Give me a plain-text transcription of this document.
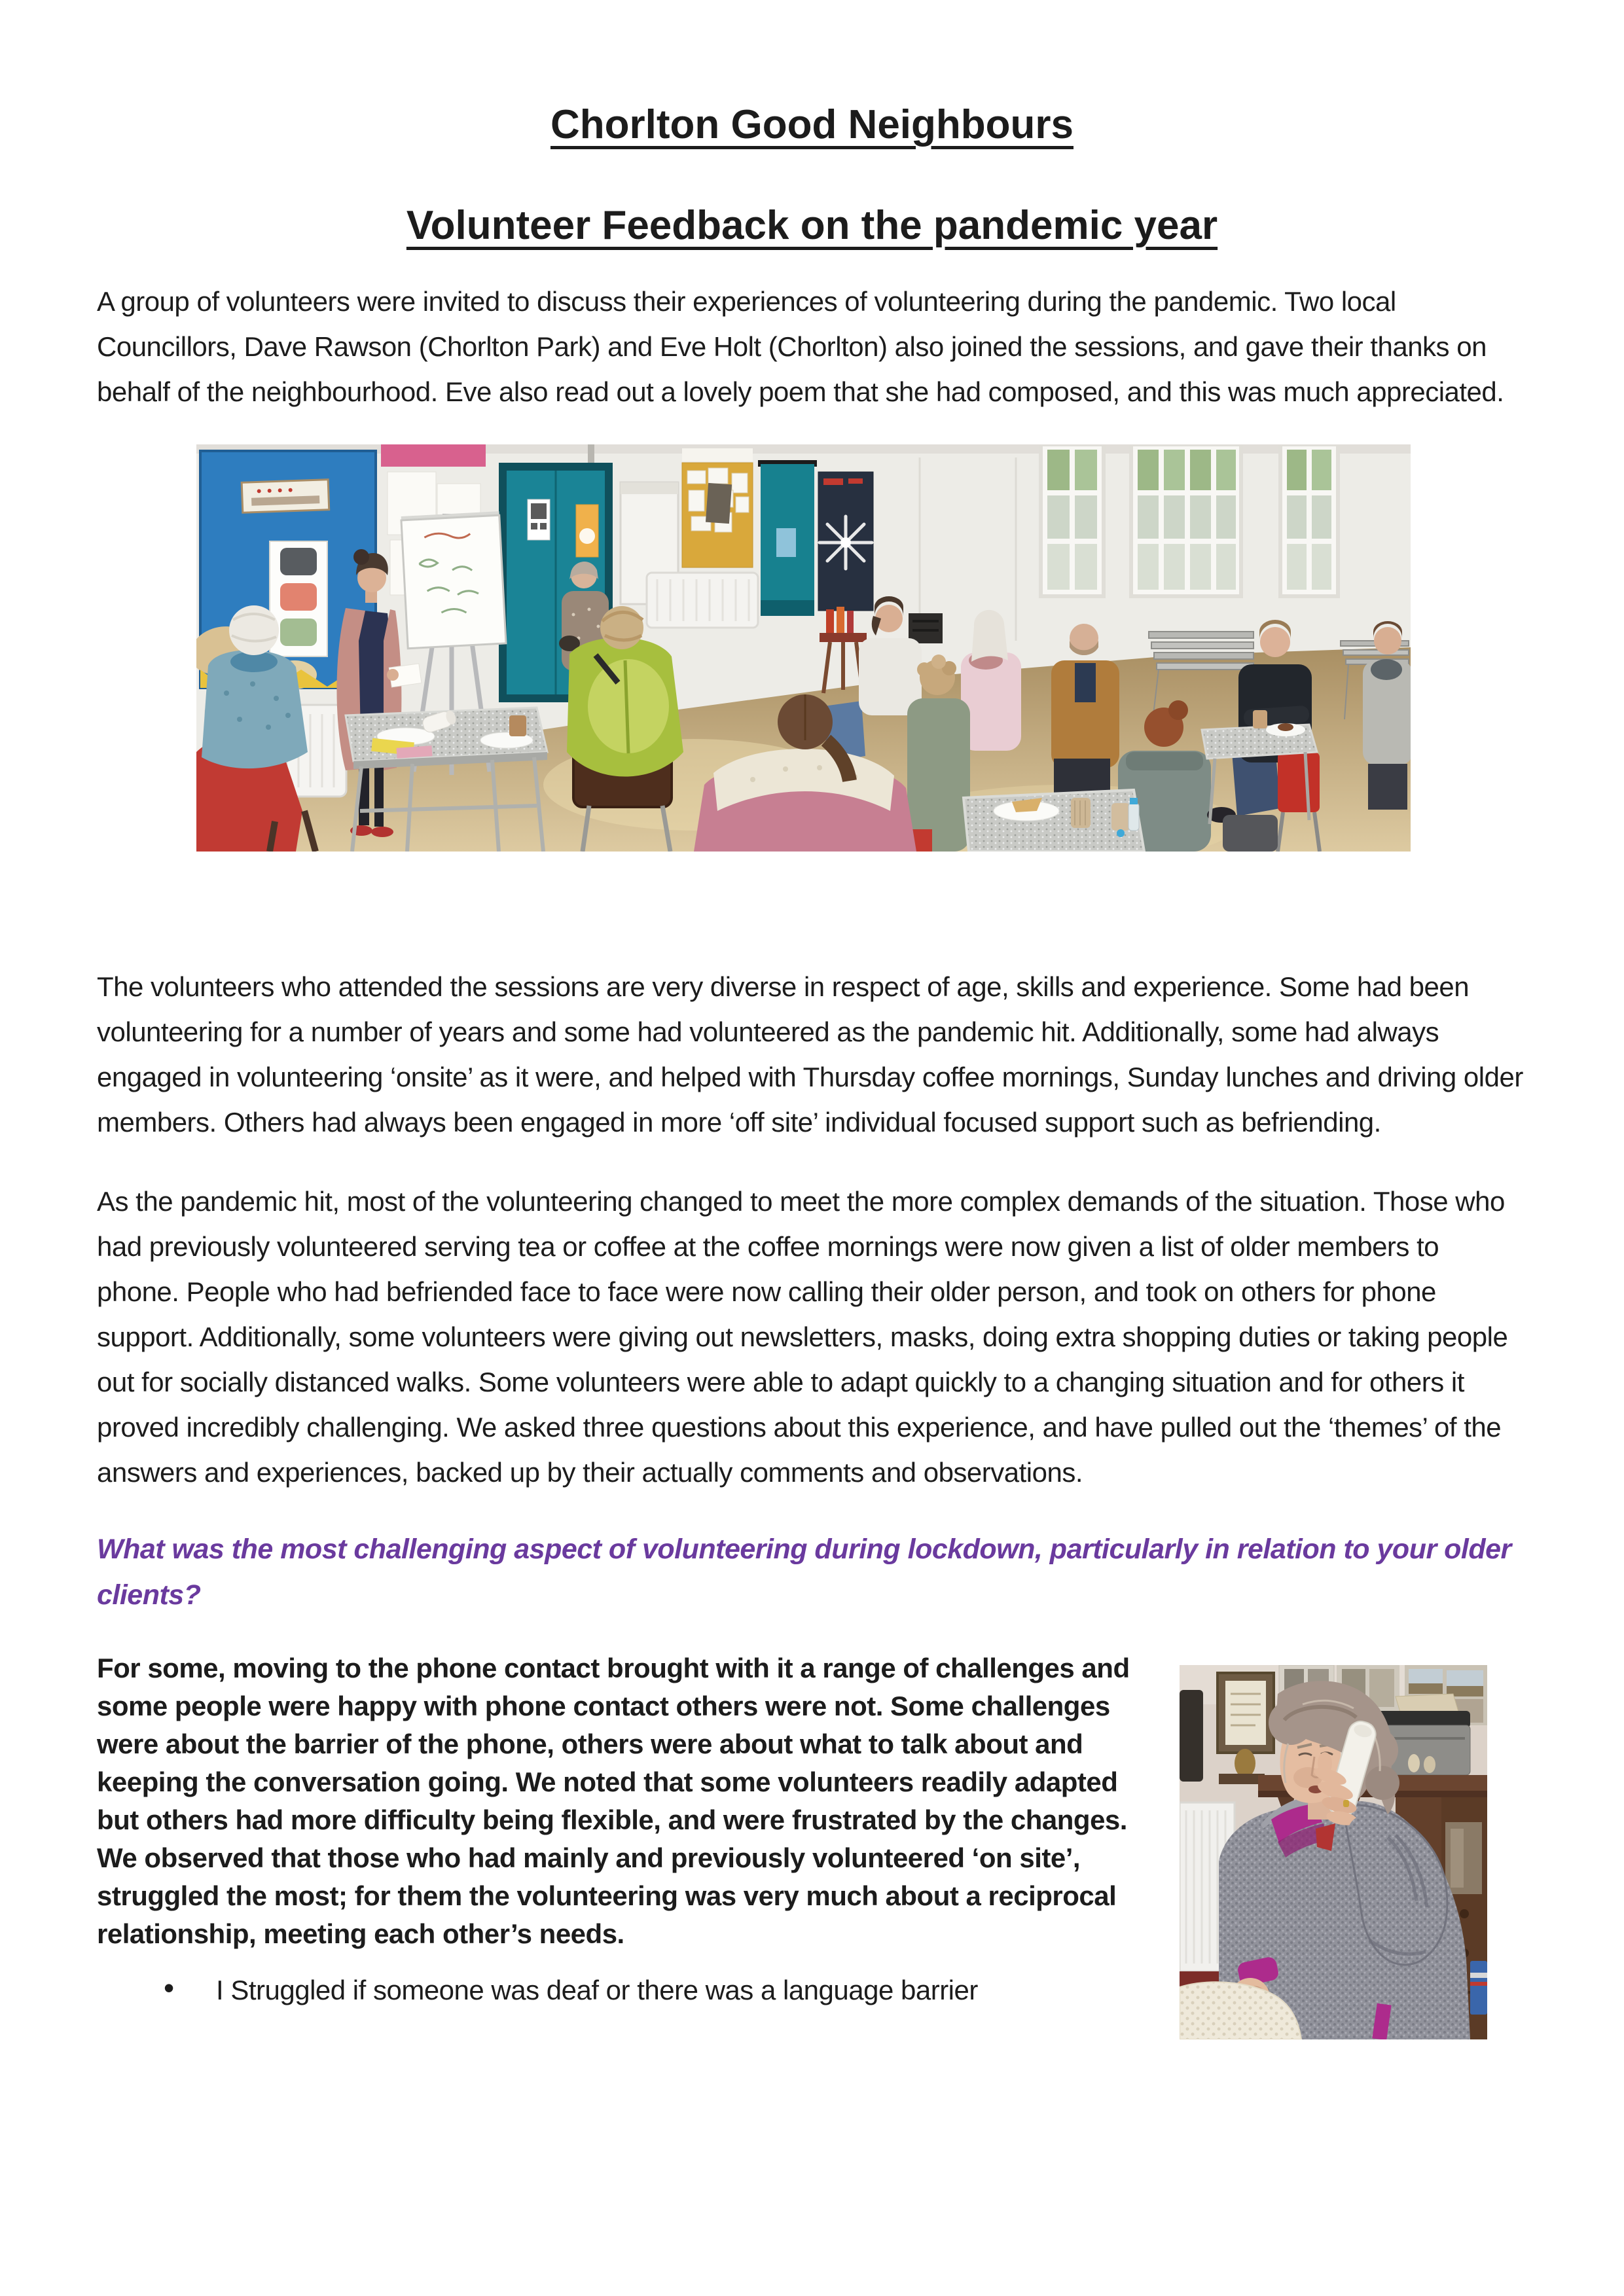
Chorlton Good Neighbours
Volunteer Feedback on the pandemic year

A group of volunteers were invited to discuss their experiences of volunteering during the pandemic. Two local Councillors, Dave Rawson (Chorlton Park) and Eve Holt (Chorlton) also joined the sessions, and gave their thanks on behalf of the neighbourhood. Eve also read out a lovely poem that she had composed, and this was much appreciated.

The volunteers who attended the sessions are very diverse in respect of age, skills and experience. Some had been volunteering for a number of years and some had volunteered as the pandemic hit. Additionally, some had always engaged in volunteering ‘onsite’ as it were, and helped with Thursday coffee mornings, Sunday lunches and driving older members. Others had always been engaged in more ‘off site’ individual focused support such as befriending.

As the pandemic hit, most of the volunteering changed to meet the more complex demands of the situation. Those who had previously volunteered serving tea or coffee at the coffee mornings were now given a list of older members to phone. People who had befriended face to face were now calling their older person, and took on others for phone support. Additionally, some volunteers were giving out newsletters, masks, doing extra shopping duties or taking people out for socially distanced walks. Some volunteers were able to adapt quickly to a changing situation and for others it proved incredibly challenging. We asked three questions about this experience, and have pulled out the ‘themes’ of the answers and experiences, backed up by their actually comments and observations.

What was the most challenging aspect of volunteering during lockdown, particularly in relation to your older clients?

For some, moving to the phone contact brought with it a range of challenges and some people were happy with phone contact others were not. Some challenges were about the barrier of the phone, others were about what to talk about and keeping the conversation going. We noted that some volunteers readily adapted but others had more difficulty being flexible, and were frustrated by the changes. We observed that those who had mainly and previously volunteered ‘on site’, struggled the most; for them the volunteering was very much about a reciprocal relationship, meeting each other’s needs.

• I Struggled if someone was deaf or there was a language barrier
